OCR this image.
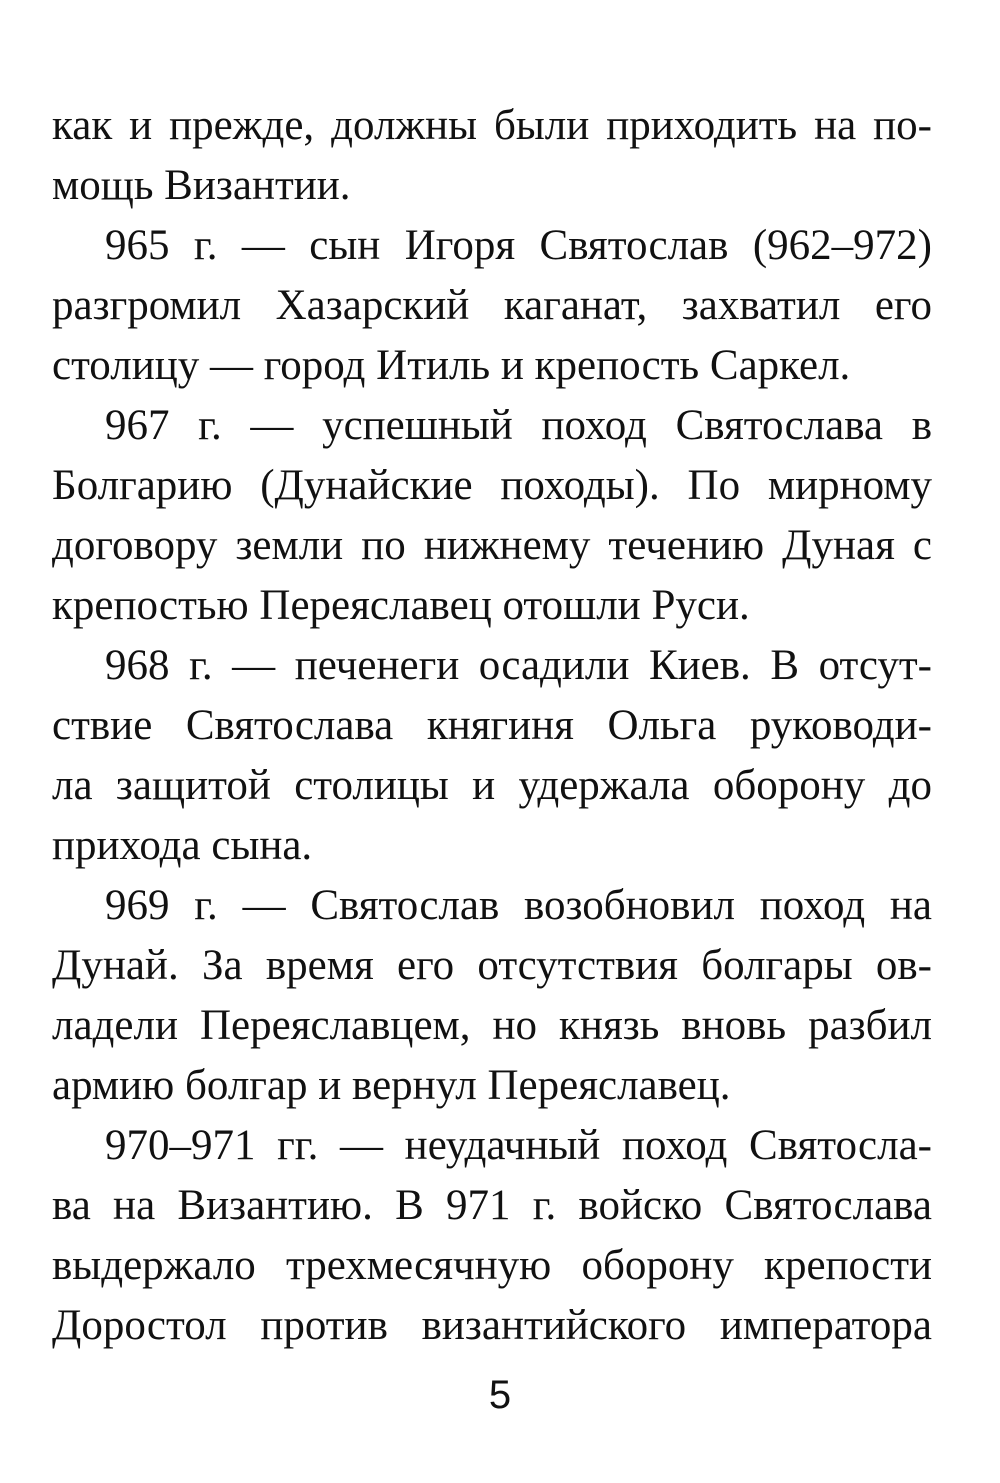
как и прежде, должны были приходить на по-
мощь Византии.
965 г. — сын Игоря Святослав (962–972)
разгромил Хазарский каганат, захватил его
столицу — город Итиль и крепость Саркел.
967 г. — успешный поход Святослава в
Болгарию (Дунайские походы). По мирному
договору земли по нижнему течению Дуная с
крепостью Переяславец отошли Руси.
968 г. — печенеги осадили Киев. В отсут-
ствие Святослава княгиня Ольга руководи-
ла защитой столицы и удержала оборону до
прихода сына.
969 г. — Святослав возобновил поход на
Дунай. За время его отсутствия болгары ов-
ладели Переяславцем, но князь вновь разбил
армию болгар и вернул Переяславец.
970–971 гг. — неудачный поход Святосла-
ва на Византию. В 971 г. войско Святослава
выдержало трехмесячную оборону крепости
Доростол против византийского императора
5
